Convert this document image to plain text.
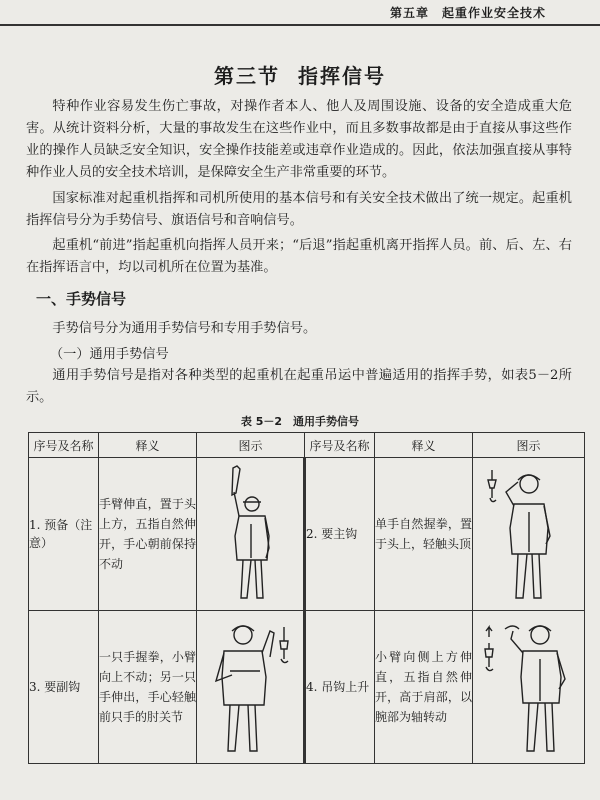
第五章　起重作业安全技术
第三节 指挥信号

特种作业容易发生伤亡事故，对操作者本人、他人及周围设施、设备的安全造成重大危害。从统计资料分析，大量的事故发生在这些作业中，而且多数事故都是由于直接从事这些作业的操作人员缺乏安全知识，安全操作技能差或违章作业造成的。因此，依法加强直接从事特种作业人员的安全技术培训，是保障安全生产非常重要的环节。

国家标准对起重机指挥和司机所使用的基本信号和有关安全技术做出了统一规定。起重机指挥信号分为手势信号、旗语信号和音响信号。

起重机“前进”指起重机向指挥人员开来；“后退”指起重机离开指挥人员。前、后、左、右在指挥语言中，均以司机所在位置为基准。

一、手势信号

手势信号分为通用手势信号和专用手势信号。

（一）通用手势信号

通用手势信号是指对各种类型的起重机在起重吊运中普遍适用的指挥手势，如表5－2所示。

表 5－2　通用手势信号
序号及名称	释义	图示	序号及名称	释义	图示
1. 预备（注意）	手臂伸直，置于头上方，五指自然伸开，手心朝前保持不动		2. 要主钩	单手自然握拳，置于头上，轻触头顶	

3. 要副钩	一只手握拳，小臂向上不动；另一只手伸出，手心轻触前只手的肘关节		4. 吊钩上升	小臂向侧上方伸直，五指自然伸开，高于肩部，以腕部为轴转动	
